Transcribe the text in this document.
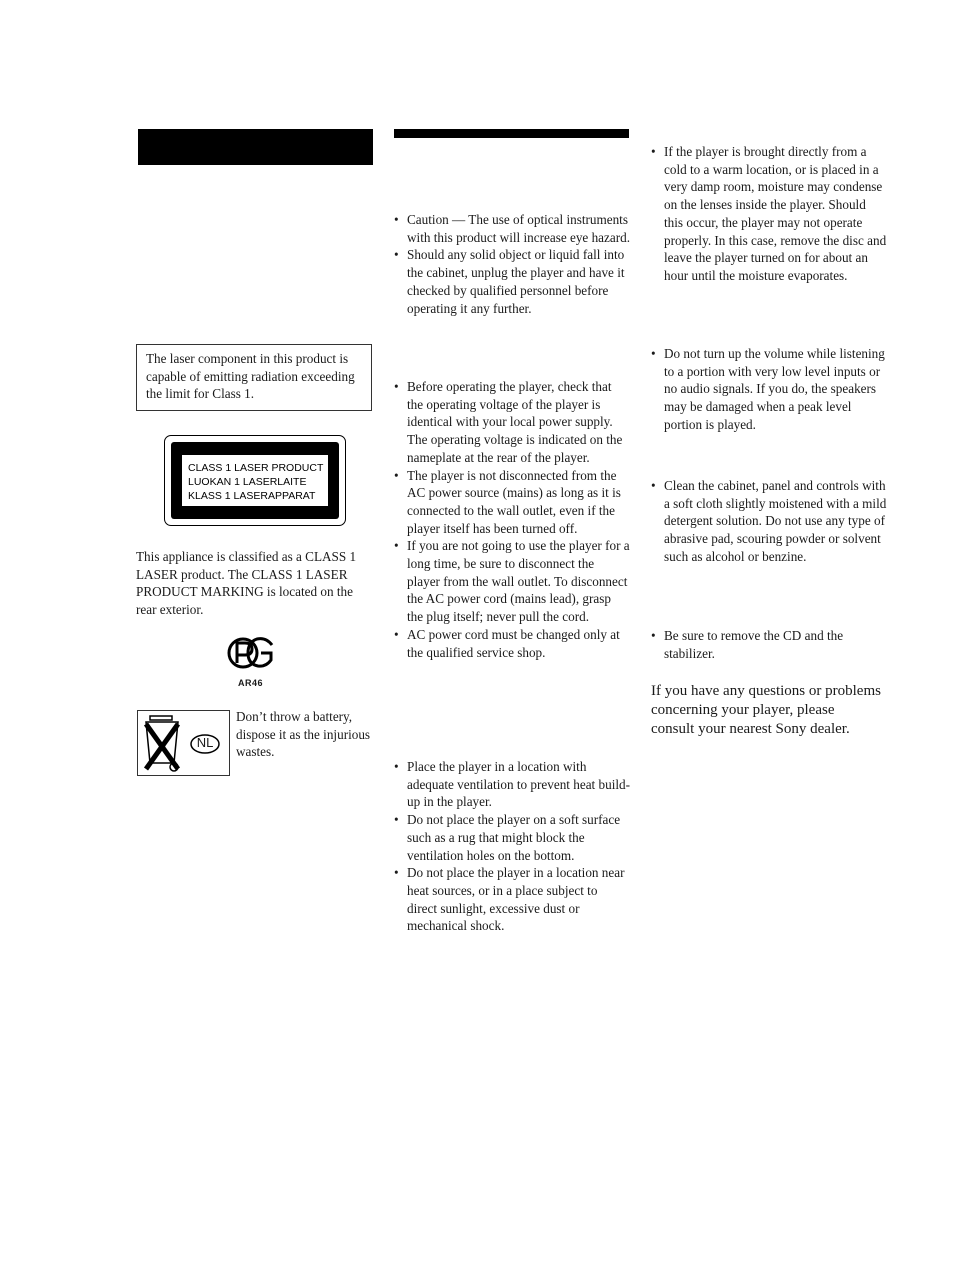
The laser component in this product is capable of emitting radiation exceeding the limit for Class 1.

CLASS 1 LASER PRODUCT
LUOKAN 1 LASERLAITE
KLASS 1 LASERAPPARAT

This appliance is classified as a CLASS 1 LASER product. The CLASS 1 LASER PRODUCT MARKING is located on the rear exterior.

AR46
NL

Don’t throw a battery, dispose it as the injurious wastes.

• Caution — The use of optical instruments with this product will increase eye hazard.
• Should any solid object or liquid fall into the cabinet, unplug the player and have it checked by qualified personnel before operating it any further.
• Before operating the player, check that the operating voltage of the player is identical with your local power supply. The operating voltage is indicated on the nameplate at the rear of the player.
• The player is not disconnected from the AC power source (mains) as long as it is connected to the wall outlet, even if the player itself has been turned off.
• If you are not going to use the player for a long time, be sure to disconnect the player from the wall outlet. To disconnect the AC power cord (mains lead), grasp the plug itself; never pull the cord.
• AC power cord must be changed only at the qualified service shop.
• Place the player in a location with adequate ventilation to prevent heat build-up in the player.
• Do not place the player on a soft surface such as a rug that might block the ventilation holes on the bottom.
• Do not place the player in a location near heat sources, or in a place subject to direct sunlight, excessive dust or mechanical shock.
• If the player is brought directly from a cold to a warm location, or is placed in a very damp room, moisture may condense on the lenses inside the player. Should this occur, the player may not operate properly. In this case, remove the disc and leave the player turned on for about an hour until the moisture evaporates.
• Do not turn up the volume while listening to a portion with very low level inputs or no audio signals. If you do, the speakers may be damaged when a peak level portion is played.
• Clean the cabinet, panel and controls with a soft cloth slightly moistened with a mild detergent solution. Do not use any type of abrasive pad, scouring powder or solvent such as alcohol or benzine.
• Be sure to remove the CD and the stabilizer.

If you have any questions or problems concerning your player, please consult your nearest Sony dealer.
